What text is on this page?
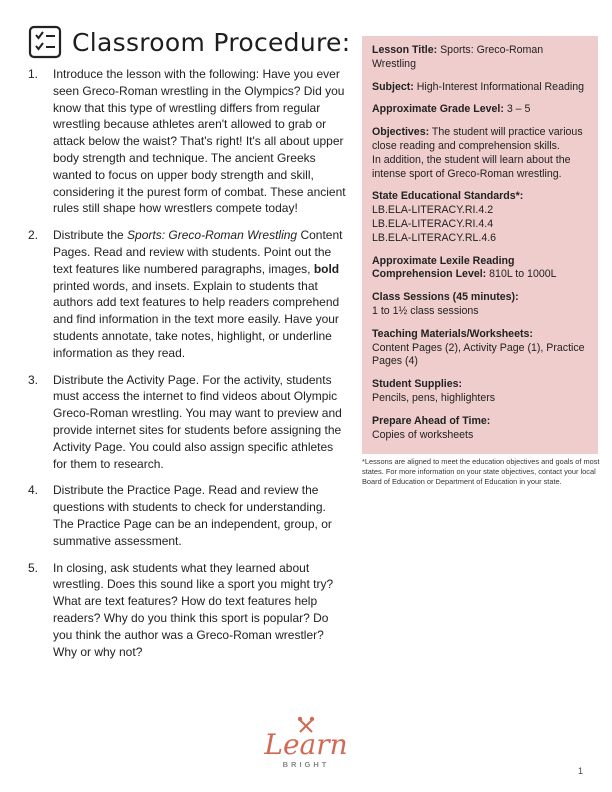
Classroom Procedure:
1.	Introduce the lesson with the following: Have you ever seen Greco-Roman wrestling in the Olympics? Did you know that this type of wrestling differs from regular wrestling because athletes aren't allowed to grab or attack below the waist? That's right! It's all about upper body strength and technique. The ancient Greeks wanted to focus on upper body strength and skill, considering it the purest form of combat. These ancient rules still shape how wrestlers compete today!
2.	Distribute the Sports: Greco-Roman Wrestling Content Pages. Read and review with students. Point out the text features like numbered paragraphs, images, bold printed words, and insets. Explain to students that authors add text features to help readers comprehend and find information in the text more easily. Have your students annotate, take notes, highlight, or underline information as they read.
3.	Distribute the Activity Page. For the activity, students must access the internet to find videos about Olympic Greco-Roman wrestling. You may want to preview and provide internet sites for students before assigning the Activity Page. You could also assign specific athletes for them to research.
4.	Distribute the Practice Page. Read and review the questions with students to check for understanding. The Practice Page can be an independent, group, or summative assessment.
5.	In closing, ask students what they learned about wrestling. Does this sound like a sport you might try? What are text features? How do text features help readers? Why do you think this sport is popular? Do you think the author was a Greco-Roman wrestler? Why or why not?
Lesson Title: Sports: Greco-Roman Wrestling
Subject: High-Interest Informational Reading
Approximate Grade Level: 3 – 5
Objectives: The student will practice various close reading and comprehension skills.
In addition, the student will learn about the intense sport of Greco-Roman wrestling.
State Educational Standards*:
LB.ELA-LITERACY.RI.4.2
LB.ELA-LITERACY.RI.4.4
LB.ELA-LITERACY.RL.4.6
Approximate Lexile Reading Comprehension Level: 810L to 1000L
Class Sessions (45 minutes):
1 to 1½ class sessions
Teaching Materials/Worksheets:
Content Pages (2), Activity Page (1), Practice Pages (4)
Student Supplies:
Pencils, pens, highlighters
Prepare Ahead of Time:
Copies of worksheets
*Lessons are aligned to meet the education objectives and goals of most states. For more information on your state objectives, contact your local Board of Education or Department of Education in your state.
Learn
BRIGHT
1
